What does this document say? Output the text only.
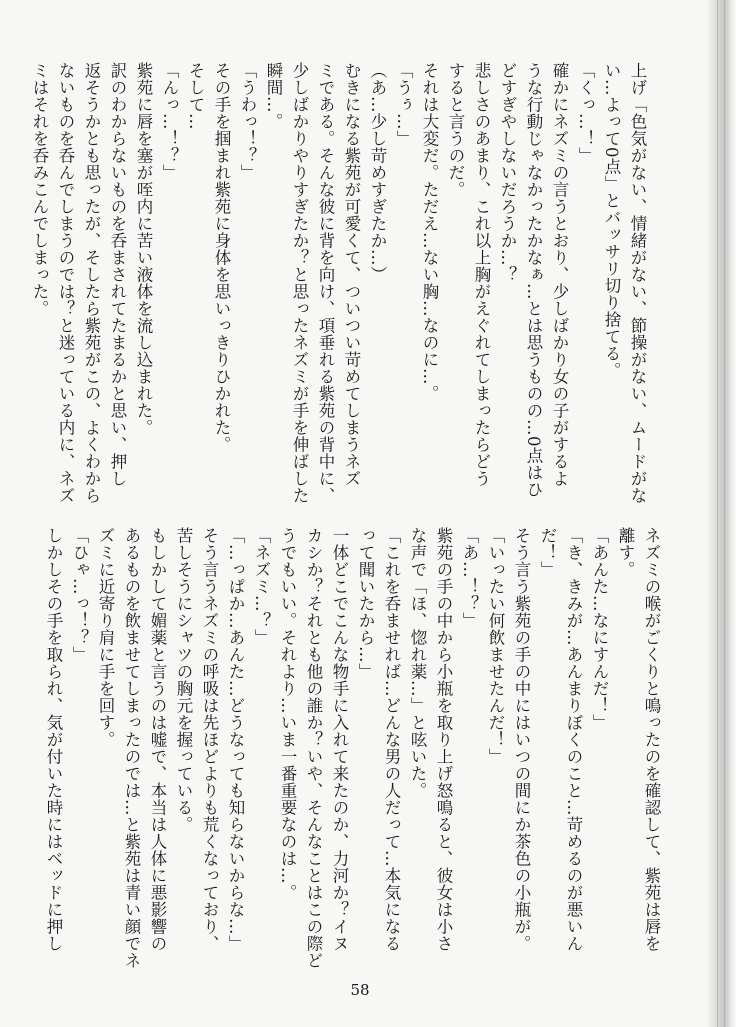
上げ「色気がない、情緒がない、節操がない、ムードがな

い…よって0点」とバッサリ切り捨てる。

「くっ…！」

確かにネズミの言うとおり、少しばかり女の子がするよ

うな行動じゃなかったかなぁ…とは思うものの…0点はひ

どすぎやしないだろうか…？

悲しさのあまり、これ以上胸がえぐれてしまったらどう

すると言うのだ。

それは大変だ。ただえ…ない胸…なのに…。

「うぅ…」

（あ…少し苛めすぎたか…）

むきになる紫苑が可愛くて、ついつい苛めてしまうネズ

ミである。そんな彼に背を向け、項垂れる紫苑の背中に、

少しばかりやりすぎたか？と思ったネズミが手を伸ばした

瞬間…。

「うわっ！？」

その手を掴まれ紫苑に身体を思いっきりひかれた。

そして…

「んっ…！？」

紫苑に唇を塞が咥内に苦い液体を流し込まれた。

訳のわからないものを呑まされてたまるかと思い、押し

返そうかとも思ったが、そしたら紫苑がこの、よくわから

ないものを呑んでしまうのでは？と迷っている内に、ネズ

ミはそれを呑みこんでしまった。

ネズミの喉がごくりと鳴ったのを確認して、紫苑は唇を

離す。

「あんた…なにすんだ！」

「き、きみが…あんまりぼくのこと…苛めるのが悪いん

だ！」

そう言う紫苑の手の中にはいつの間にか茶色の小瓶が。

「いったい何飲ませたんだ！」

「あ…！？」

紫苑の手の中から小瓶を取り上げ怒鳴ると、彼女は小さ

な声で「ほ、惚れ薬…」と呟いた。

「これを呑ませれば…どんな男の人だって…本気になる

って聞いたから…」

一体どこでこんな物手に入れて来たのか、力河か？イヌ

カシか？それとも他の誰か？いや、そんなことはこの際ど

うでもいい。それより…いま一番重要なのは…。

「ネズミ…？」

「…っぱか…あんた…どうなっても知らないからな…」

そう言うネズミの呼吸は先ほどよりも荒くなっており、

苦しそうにシャツの胸元を握っている。

もしかして媚薬と言うのは嘘で、本当は人体に悪影響の

あるものを飲ませてしまったのでは…と紫苑は青い顔でネ

ズミに近寄り肩に手を回す。

「ひゃ…っ！？」

しかしその手を取られ、気が付いた時にはベッドに押し

58
